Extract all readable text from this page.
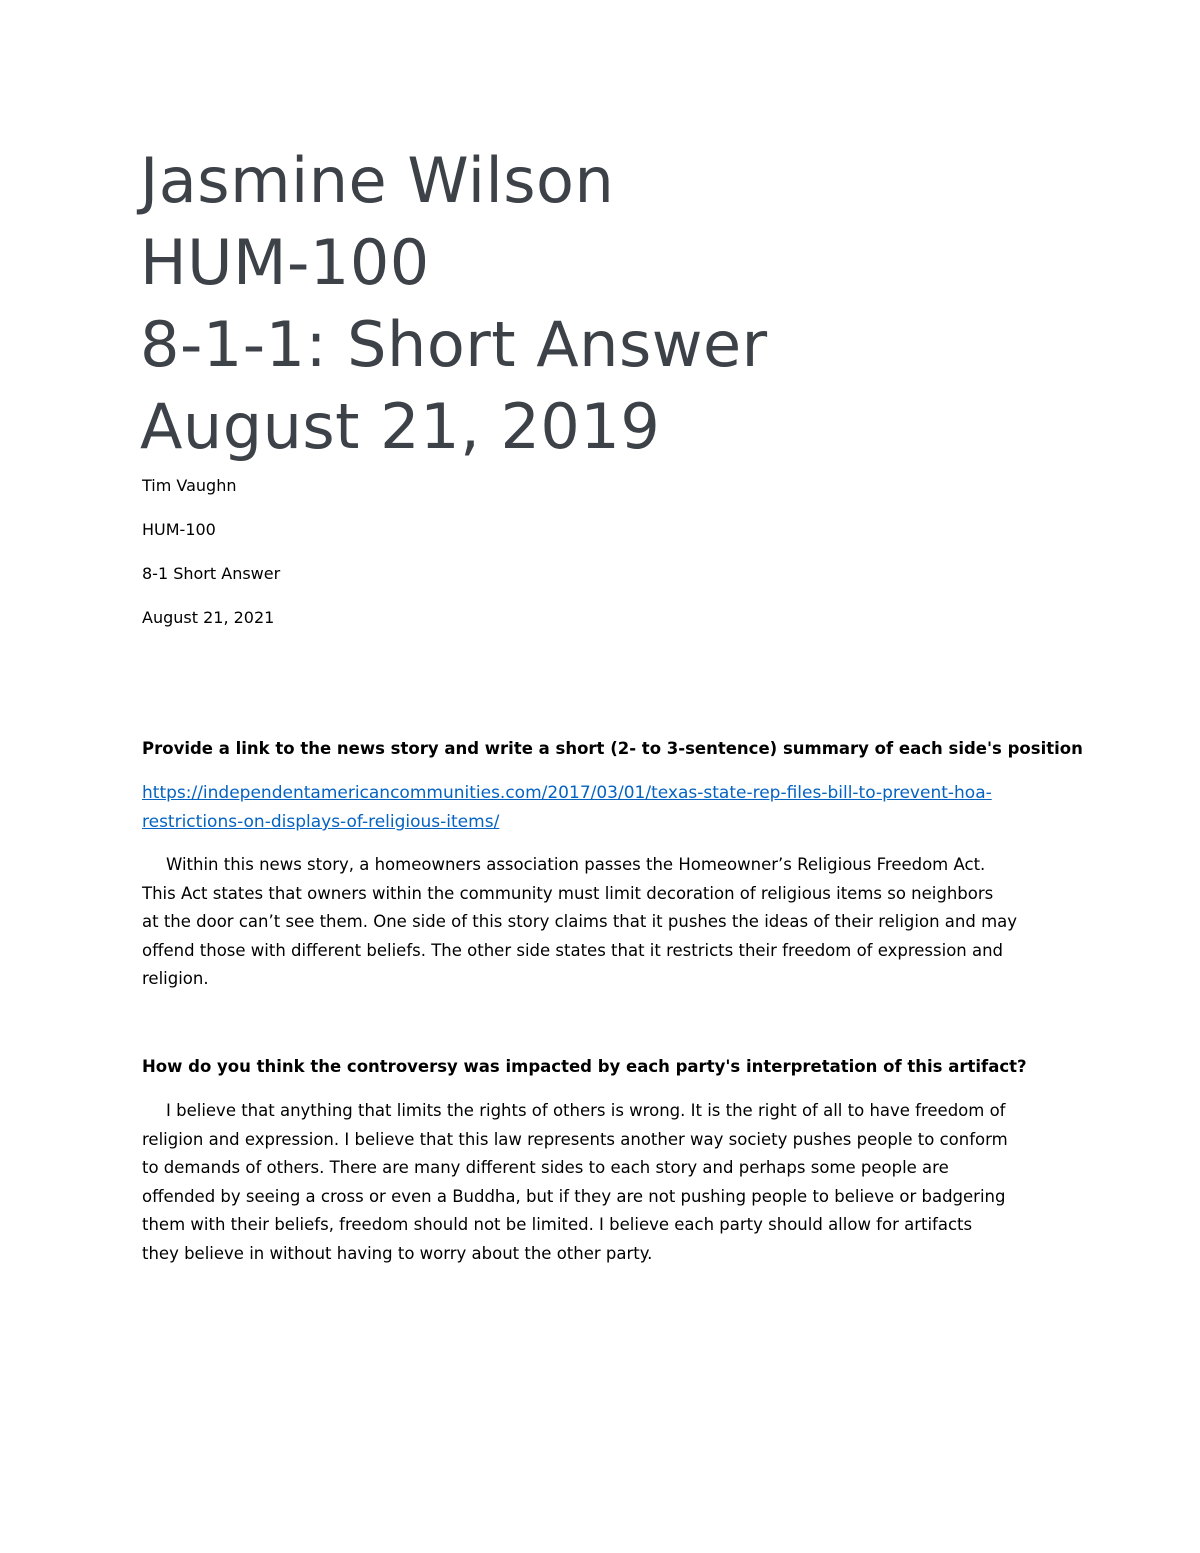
Jasmine Wilson
HUM-100
8-1-1: Short Answer
August 21, 2019
Tim Vaughn
HUM-100
8-1 Short Answer
August 21, 2021
Provide a link to the news story and write a short (2- to 3-sentence) summary of each side's position
https://independentamericancommunities.com/2017/03/01/texas-state-rep-files-bill-to-prevent-hoa-
restrictions-on-displays-of-religious-items/
Within this news story, a homeowners association passes the Homeowner’s Religious Freedom Act.
This Act states that owners within the community must limit decoration of religious items so neighbors
at the door can’t see them. One side of this story claims that it pushes the ideas of their religion and may
offend those with different beliefs. The other side states that it restricts their freedom of expression and
religion.
How do you think the controversy was impacted by each party's interpretation of this artifact?
I believe that anything that limits the rights of others is wrong. It is the right of all to have freedom of
religion and expression. I believe that this law represents another way society pushes people to conform
to demands of others. There are many different sides to each story and perhaps some people are
offended by seeing a cross or even a Buddha, but if they are not pushing people to believe or badgering
them with their beliefs, freedom should not be limited. I believe each party should allow for artifacts
they believe in without having to worry about the other party.
